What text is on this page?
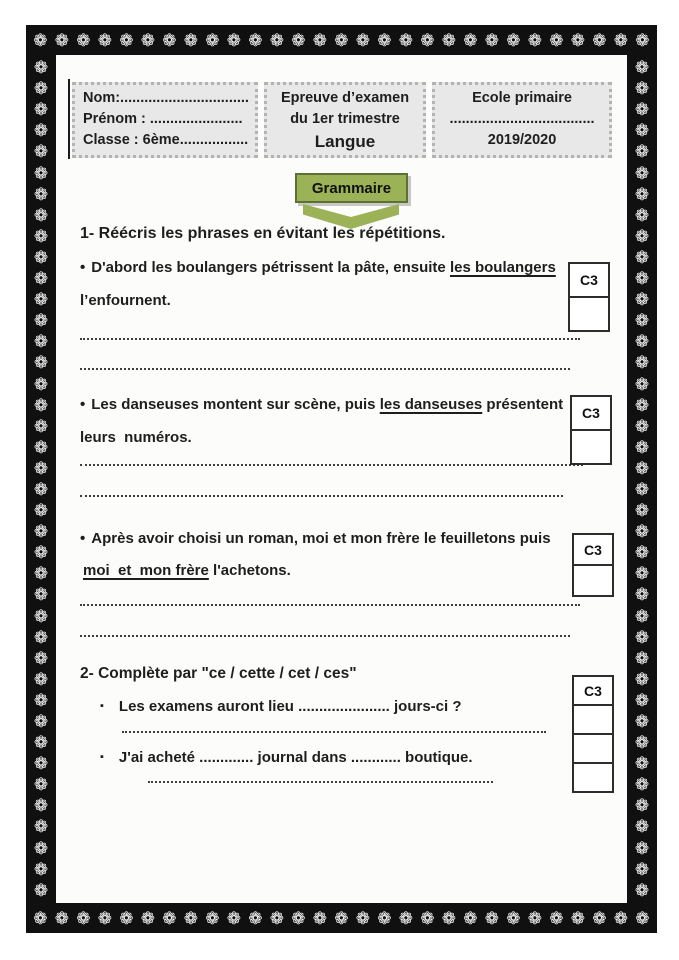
❁ ❁ ❁ ❁ ❁ ❁ ❁ ❁ ❁ ❁ ❁ ❁ ❁ ❁ ❁ ❁ ❁ ❁ ❁ ❁ ❁ ❁ ❁ ❁ ❁ ❁ ❁ ❁ ❁
❁ ❁ ❁ ❁ ❁ ❁ ❁ ❁ ❁ ❁ ❁ ❁ ❁ ❁ ❁ ❁ ❁ ❁ ❁ ❁ ❁ ❁ ❁ ❁ ❁ ❁ ❁ ❁ ❁
❁
❁
❁
❁
❁
❁
❁
❁
❁
❁
❁
❁
❁
❁
❁
❁
❁
❁
❁
❁
❁
❁
❁
❁
❁
❁
❁
❁
❁
❁
❁
❁
❁
❁
❁
❁
❁
❁
❁
❁
❁
❁
❁
❁
❁
❁
❁
❁
❁
❁
❁
❁
❁
❁
❁
❁
❁
❁
❁
❁
❁
❁
❁
❁
❁
❁
❁
❁
❁
❁
❁
❁
❁
❁
❁
❁
❁
❁
❁
❁
Nom:................................
Prénom : .......................
Classe : 6ème.................
Epreuve d’examen
du 1er trimestre
Langue
Ecole primaire
....................................
2019/2020
Grammaire
1- Réécris les phrases en évitant les répétitions.
• D'abord les boulangers pétrissent la pâte, ensuite les boulangers
l’enfournent.
• Les danseuses montent sur scène, puis les danseuses présentent
leurs  numéros.
• Après avoir choisi un roman, moi et mon frère le feuilletons puis
moi  et  mon frère l'achetons.
2- Complète par "ce / cette / cet / ces"
▪ Les examens auront lieu ...................... jours-ci ?
▪ J'ai acheté ............. journal dans ............ boutique.
C3
C3
C3
C3
